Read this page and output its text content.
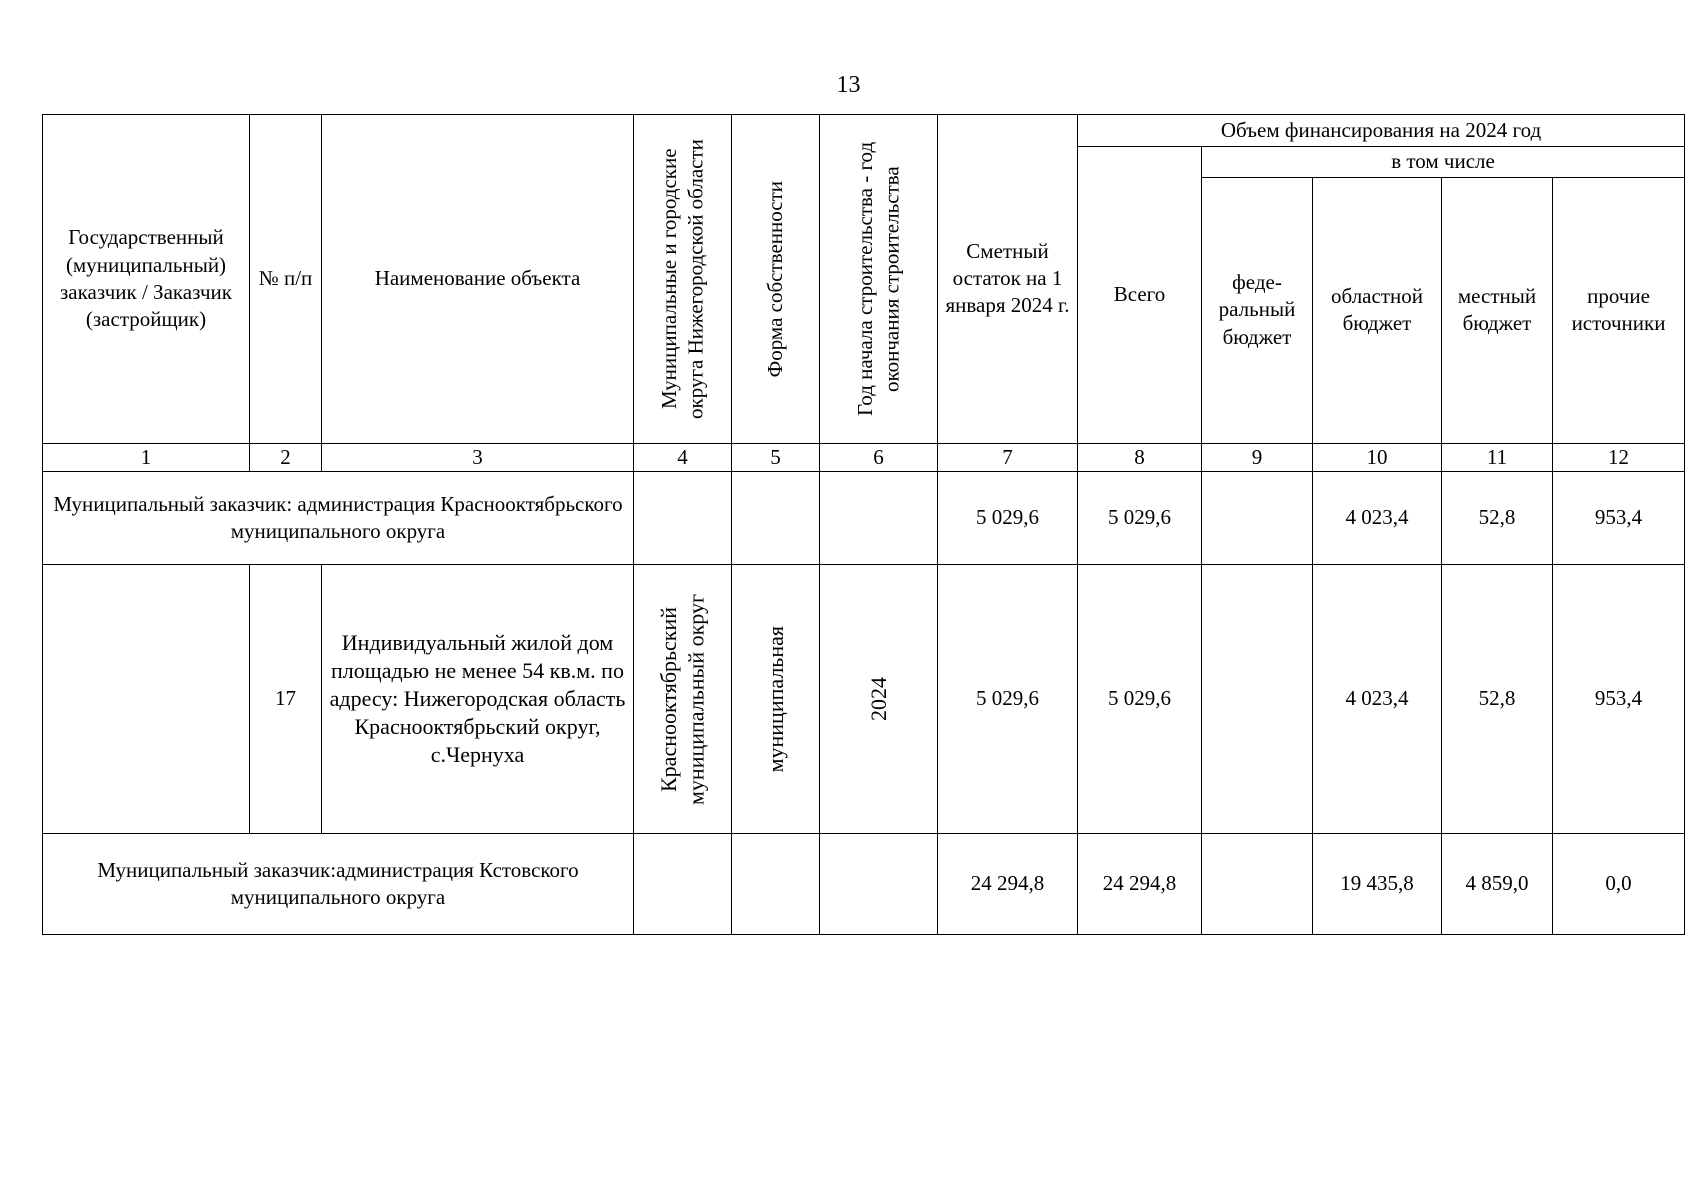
13
Государственный (муниципальный) заказчик / Заказчик (застройщик)	№ п/п	Наименование объекта	Муниципальные и городские округа Нижегородской области	Форма собственности	Год начала строительства - год окончания строительства	Сметный остаток на 1 января 2024 г.	Объем финансирования на 2024 год				
							Всего	в том числе			
								феде-ральный бюджет	областной бюджет	местный бюджет	прочие источники
1	2	3	4	5	6	7	8	9	10	11	12
Муниципальный заказчик: администрация Краснооктябрьского муниципального округа						5 029,6	5 029,6		4 023,4	52,8	953,4
	17	Индивидуальный жилой дом площадью не менее 54 кв.м. по адресу: Нижегородская область Краснооктябрьский округ, с.Чернуха	Краснооктябрьский муниципальный округ	муниципальная	2024	5 029,6	5 029,6		4 023,4	52,8	953,4
Муниципальный заказчик:администрация Кстовского муниципального округа						24 294,8	24 294,8		19 435,8	4 859,0	0,0
